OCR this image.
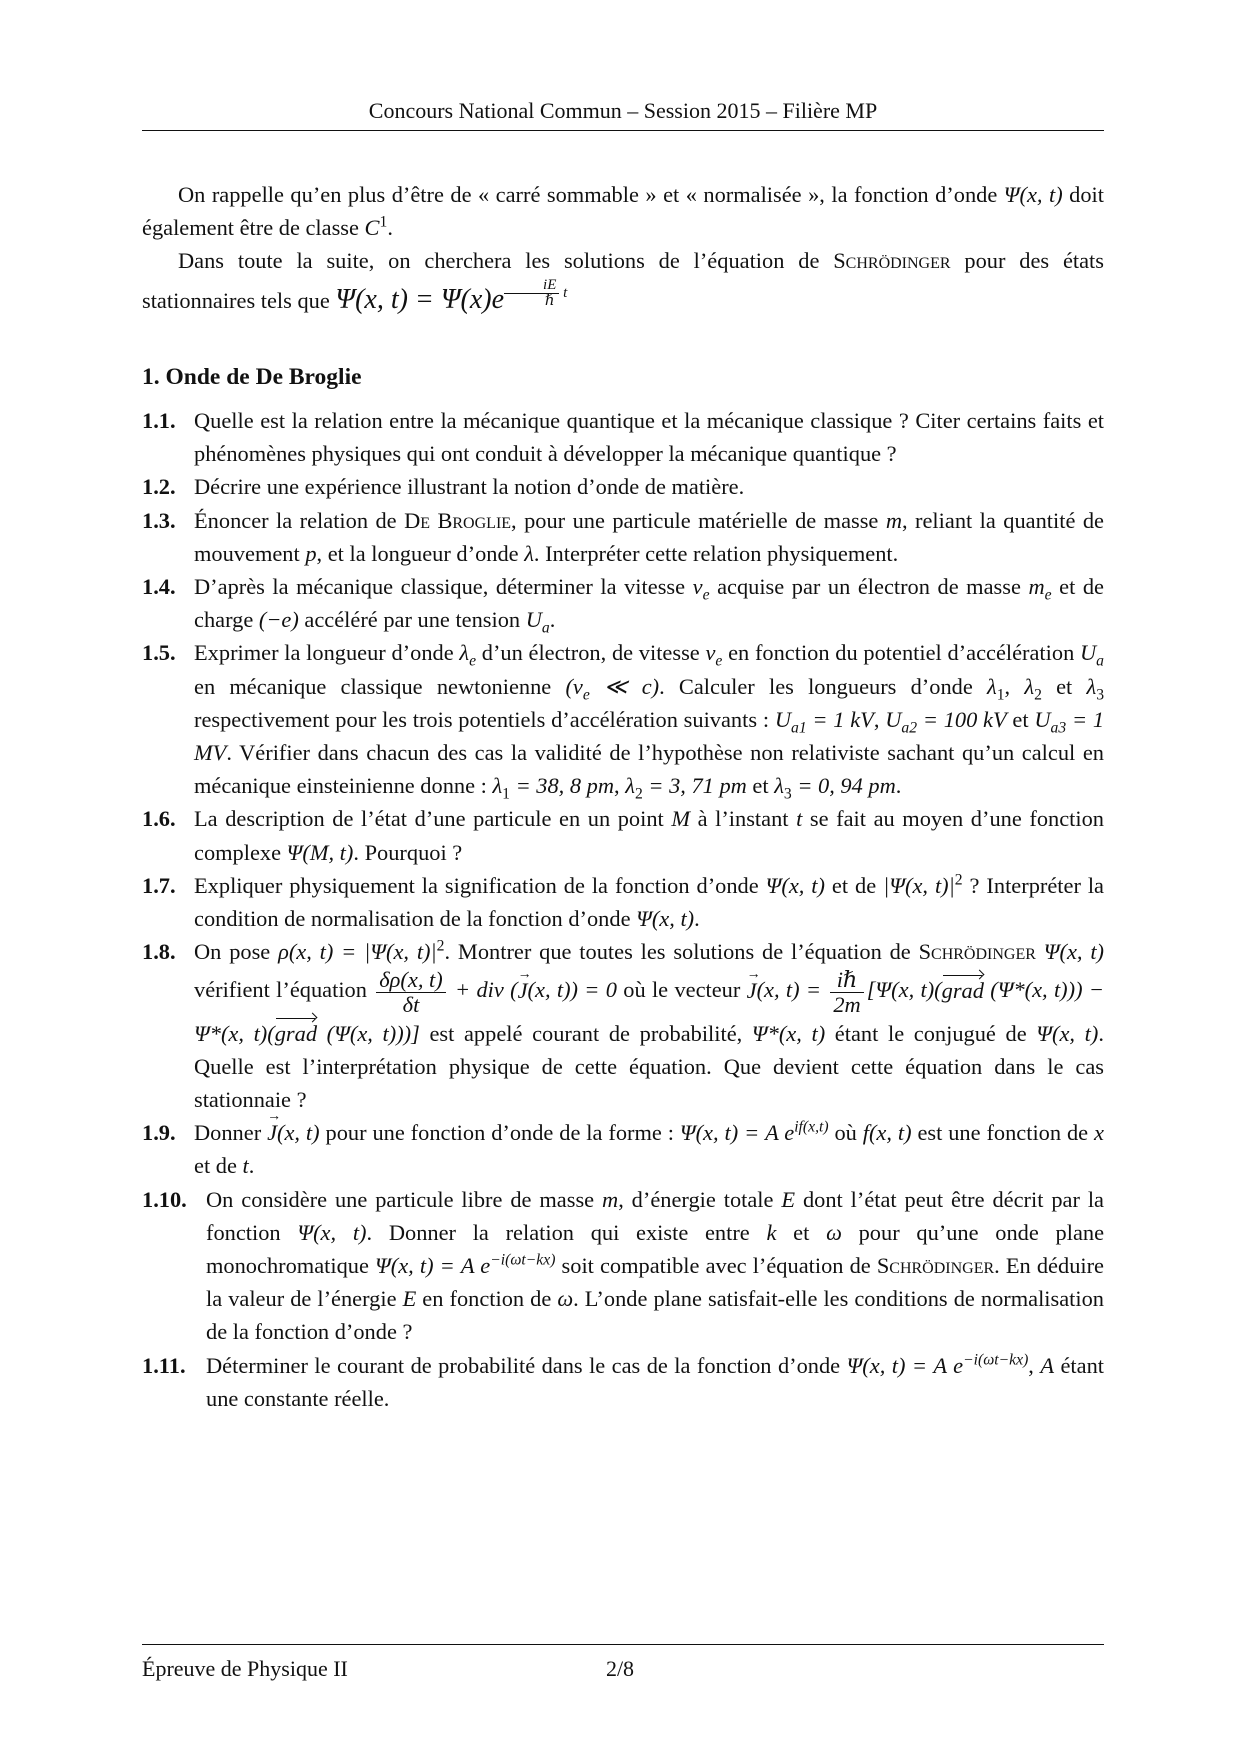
Concours National Commun – Session 2015 – Filière MP

On rappelle qu’en plus d’être de « carré sommable » et « normalisée », la fonction d’onde Ψ(x, t) doit également être de classe $C^1$.

Dans toute la suite, on cherchera les solutions de l’équation de Schrödinger pour des états stationnaires tels que Ψ(x, t) = Ψ(x)e $^{\frac{iE}{\text{ℏ}} t}$

1. Onde de De Broglie
1.1. Quelle est la relation entre la mécanique quantique et la mécanique classique ? Citer certains faits et phénomènes physiques qui ont conduit à développer la mécanique quantique ?
1.2. Décrire une expérience illustrant la notion d’onde de matière.
1.3. Énoncer la relation de De Broglie, pour une particule matérielle de masse m, reliant la quantité de mouvement p, et la longueur d’onde λ. Interpréter cette relation physiquement.
1.4. D’après la mécanique classique, déterminer la vitesse $v_e$ acquise par un électron de masse $m_e$ et de charge (−e) accéléré par une tension $U_a$.
1.5. Exprimer la longueur d’onde $\lambda_e$ d’un électron, de vitesse $v_e$ en fonction du potentiel d’accélération $U_a$ en mécanique classique newtonienne ($v_e$ ≪ c). Calculer les longueurs d’onde $\lambda_1$, $\lambda_2$ et $\lambda_3$ respectivement pour les trois potentiels d’accélération suivants : $U_{a1} = 1$ kV, $U_{a2} = 100$ kV et $U_{a3} = 1$ MV. Vérifier dans chacun des cas la validité de l’hypothèse non relativiste sachant qu’un calcul en mécanique einsteinienne donne : $\lambda_1 = 38$, 8 pm, $\lambda_2 = 3$, 71 pm et $\lambda_3 = 0$, 94 pm.
1.6. La description de l’état d’une particule en un point M à l’instant t se fait au moyen d’une fonction complexe Ψ(M, t). Pourquoi ?
1.7. Expliquer physiquement la signification de la fonction d’onde Ψ(x, t) et de |Ψ(x, $t)|^2$ ? Interpréter la condition de normalisation de la fonction d’onde Ψ(x, t).
1.8. On pose ρ(x, t) = |Ψ(x, $t)|^2$. Montrer que toutes les solutions de l’équation de Schrödinger Ψ(x, t) vérifient l’équation $\frac{\delta\rho(x, t)}{\delta t}$ + div (→ J(x, t)) = 0 où le vecteur → J(x, $t) = \frac{\text{iℏ}}{2m} [\Psi(x$, t)(grad (Ψ*(x, t))) − Ψ*(x, t)(grad (Ψ(x, t)))] est appelé courant de probabilité, Ψ*(x, t) étant le conjugué de Ψ(x, t). Quelle est l’interprétation physique de cette équation. Que devient cette équation dans le cas stationnaie ?
1.9. Donner → J(x, t) pour une fonction d’onde de la forme : Ψ(x, t) = A $e^{if(x,t)}$ où f(x, t) est une fonction de x et de t.
1.10. On considère une particule libre de masse m, d’énergie totale E dont l’état peut être décrit par la fonction Ψ(x, t). Donner la relation qui existe entre k et ω pour qu’une onde plane monochromatique Ψ(x, t) = A $e^{-i(\omega t-kx)}$ soit compatible avec l’équation de Schrödinger. En déduire la valeur de l’énergie E en fonction de ω. L’onde plane satisfait-elle les conditions de normalisation de la fonction d’onde ?
1.11. Déterminer le courant de probabilité dans le cas de la fonction d’onde Ψ(x, t) = A $e^{-i(\omega t-kx)}$, A étant une constante réelle.
Épreuve de Physique II	2/8
